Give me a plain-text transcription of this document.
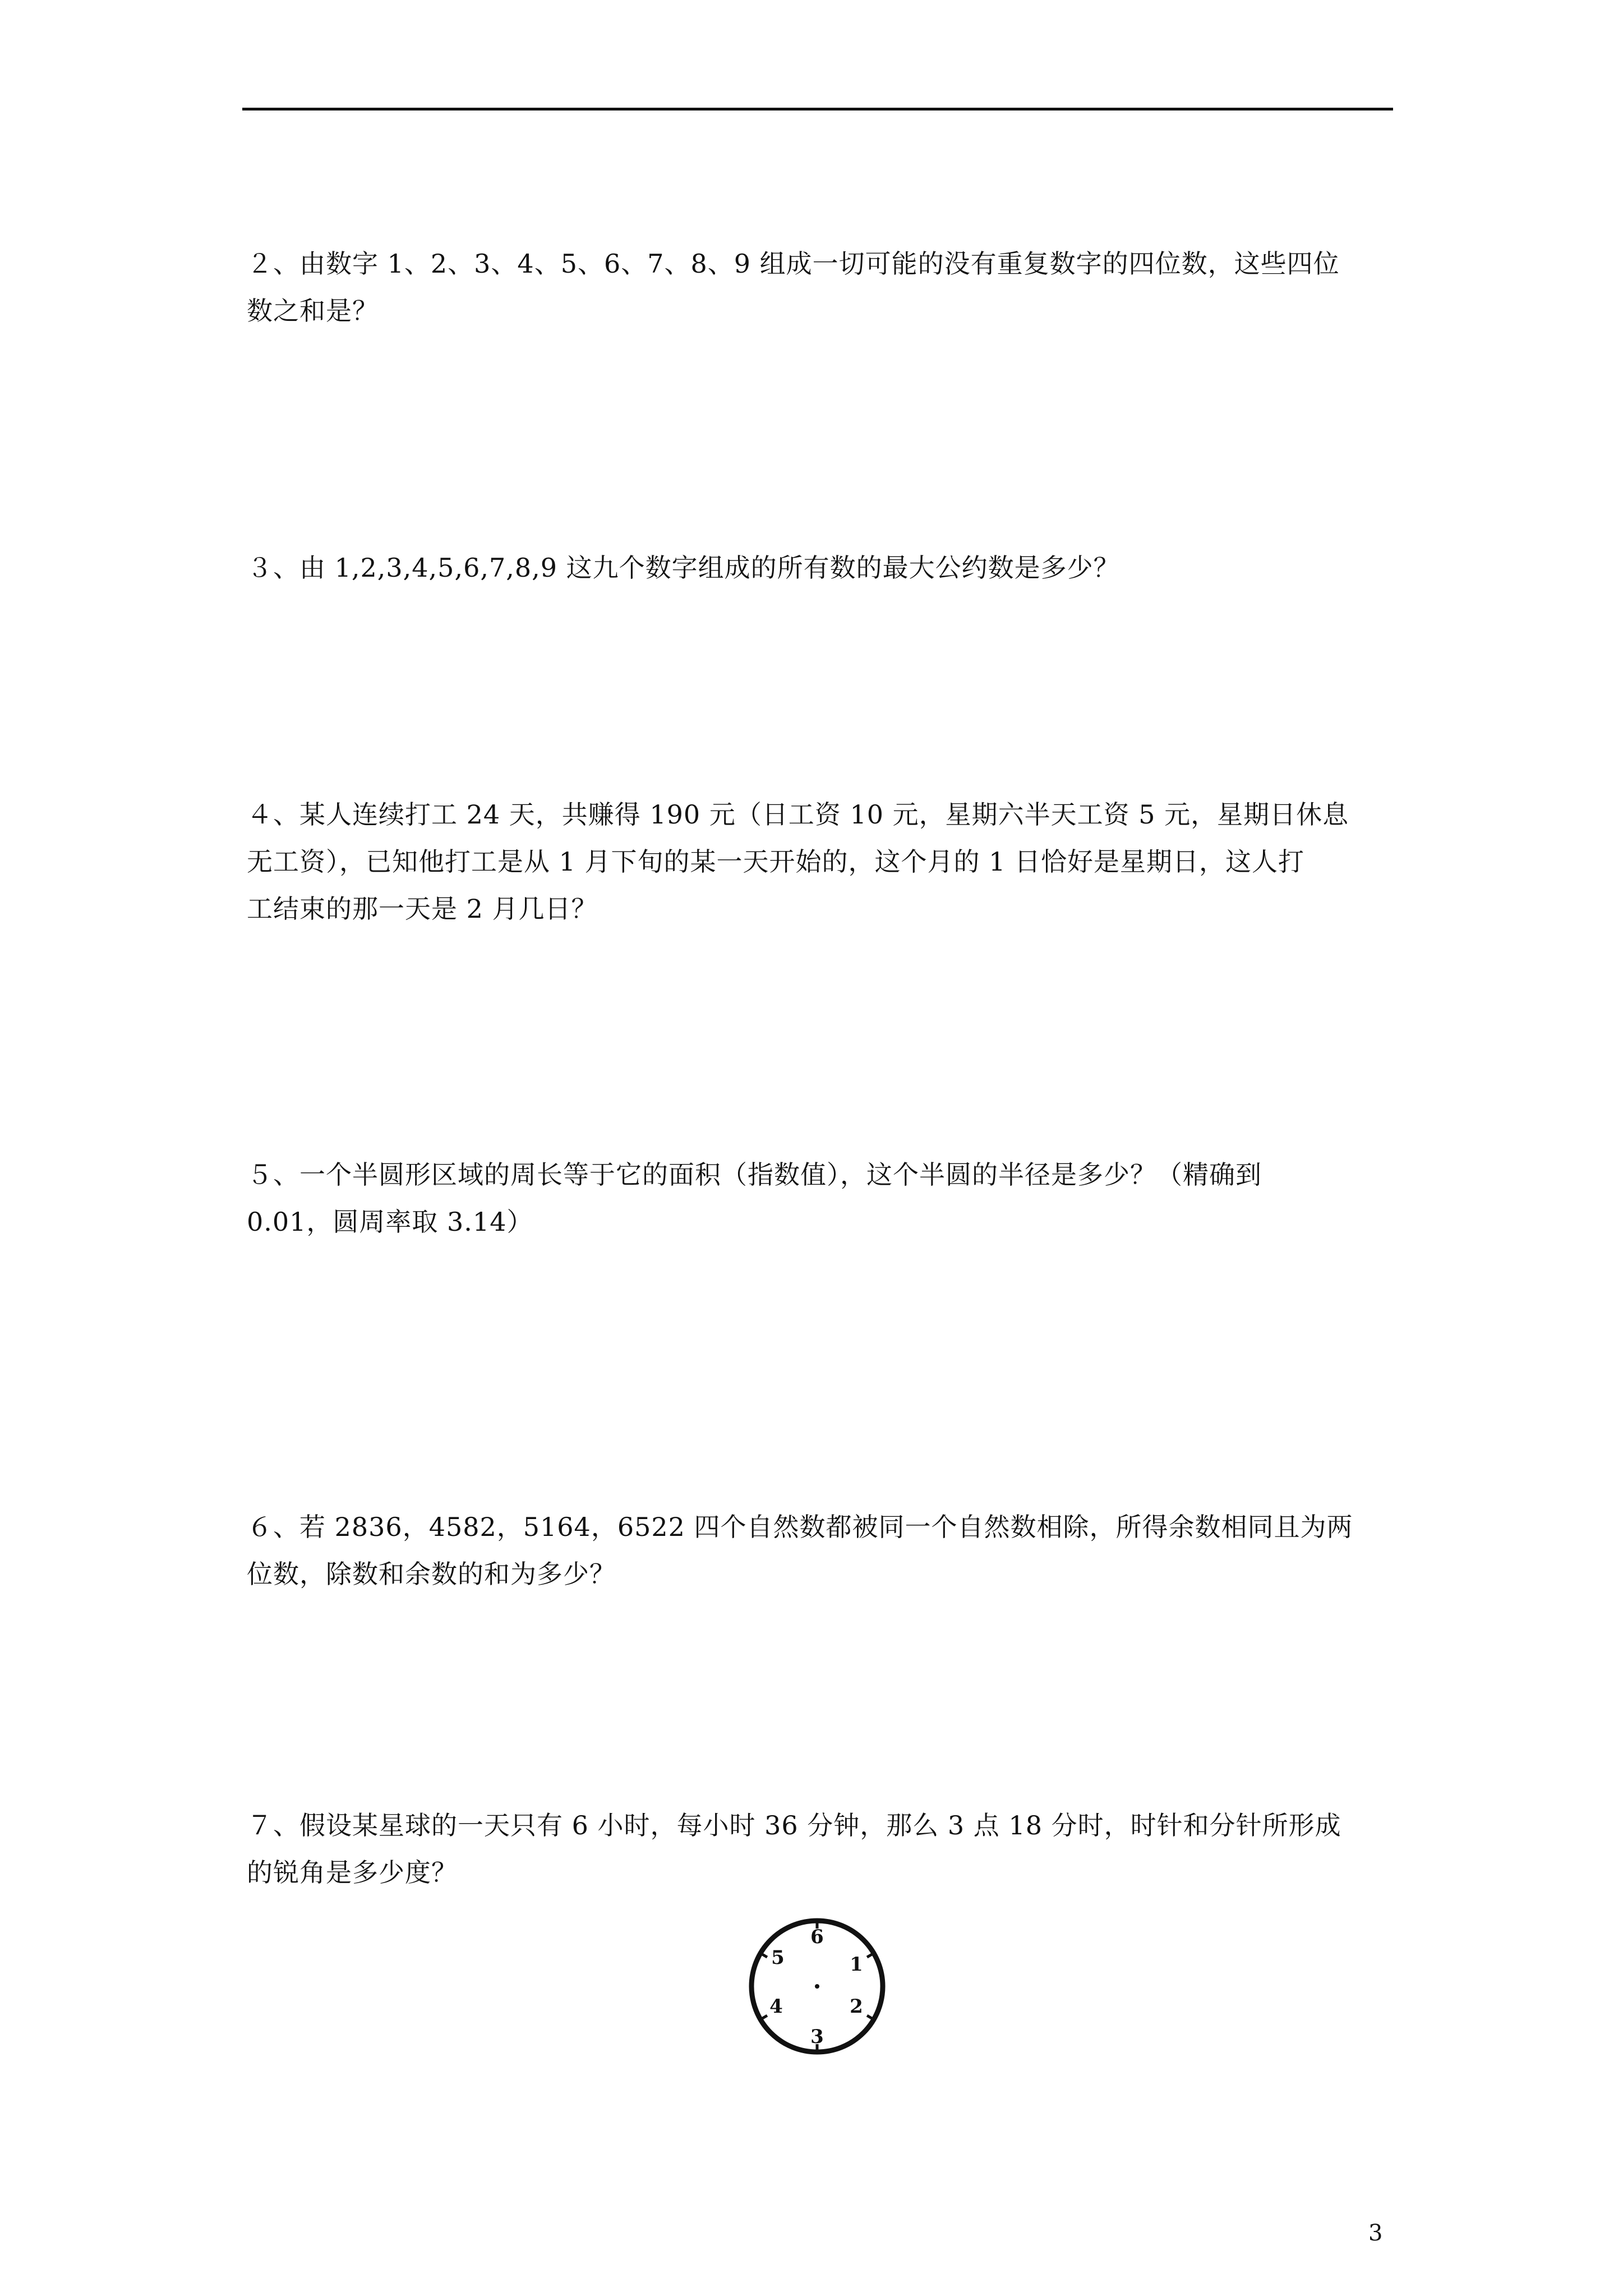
２、由数字 1、2、3、4、5、6、7、8、9 组成一切可能的没有重复数字的四位数，这些四位

数之和是？

３、由 1,2,3,4,5,6,7,8,9 这九个数字组成的所有数的最大公约数是多少？

４、某人连续打工 24 天，共赚得 190 元（日工资 10 元，星期六半天工资 5 元，星期日休息

无工资），已知他打工是从 1 月下旬的某一天开始的，这个月的 1 日恰好是星期日，这人打

工结束的那一天是 2 月几日？

５、一个半圆形区域的周长等于它的面积（指数值），这个半圆的半径是多少？（精确到

0.01，圆周率取 3.14）

６、若 2836，4582，5164，6522 四个自然数都被同一个自然数相除，所得余数相同且为两

位数，除数和余数的和为多少？

７、假设某星球的一天只有 6 小时，每小时 36 分钟，那么 3 点 18 分时，时针和分针所形成

的锐角是多少度？

6
1
2
3
4
5
3
